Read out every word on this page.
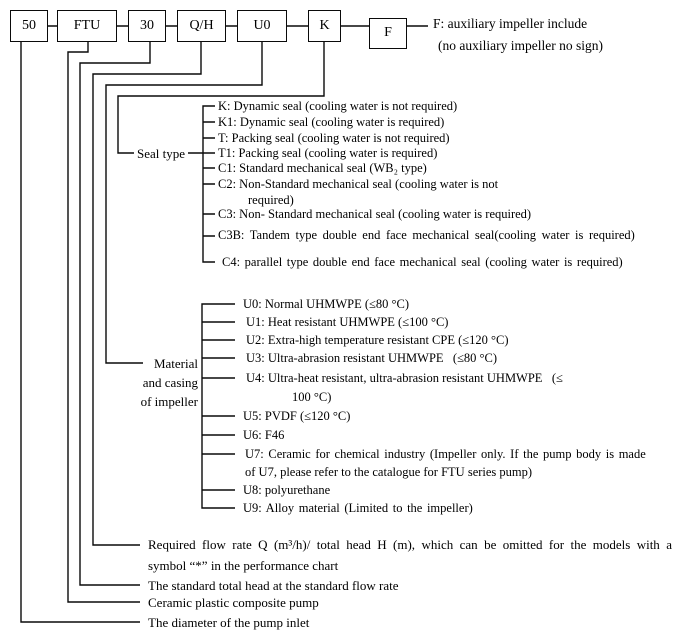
50	FTU	30	Q/H	U0	K	F
F: auxiliary impeller include
(no auxiliary impeller no sign)
Seal type
K: Dynamic seal (cooling water is not required)
K1: Dynamic seal (cooling water is required)
T: Packing seal (cooling water is not required)
T1: Packing seal (cooling water is required)
C1: Standard mechanical seal (WB₂ type)
C2: Non-Standard mechanical seal (cooling water is not
required)
C3: Non- Standard mechanical seal (cooling water is required)
C3B: Tandem type double end face mechanical seal(cooling water is required)
C4: parallel type double end face mechanical seal (cooling water is required)
Material
and casing
of impeller
U0: Normal UHMWPE (≤80 °C)
U1: Heat resistant UHMWPE (≤100 °C)
U2: Extra-high temperature resistant CPE (≤120 °C)
U3: Ultra-abrasion resistant UHMWPE   (≤80 °C)
U4: Ultra-heat resistant, ultra-abrasion resistant UHMWPE   (≤
100 °C)
U5: PVDF (≤120 °C)
U6: F46
U7: Ceramic for chemical industry (Impeller only. If the pump body is made
of U7, please refer to the catalogue for FTU series pump)
U8: polyurethane
U9: Alloy material (Limited to the impeller)
Required flow rate Q (m³/h)/ total head H (m), which can be omitted for the models with a
symbol “*” in the performance chart
The standard total head at the standard flow rate
Ceramic plastic composite pump
The diameter of the pump inlet
